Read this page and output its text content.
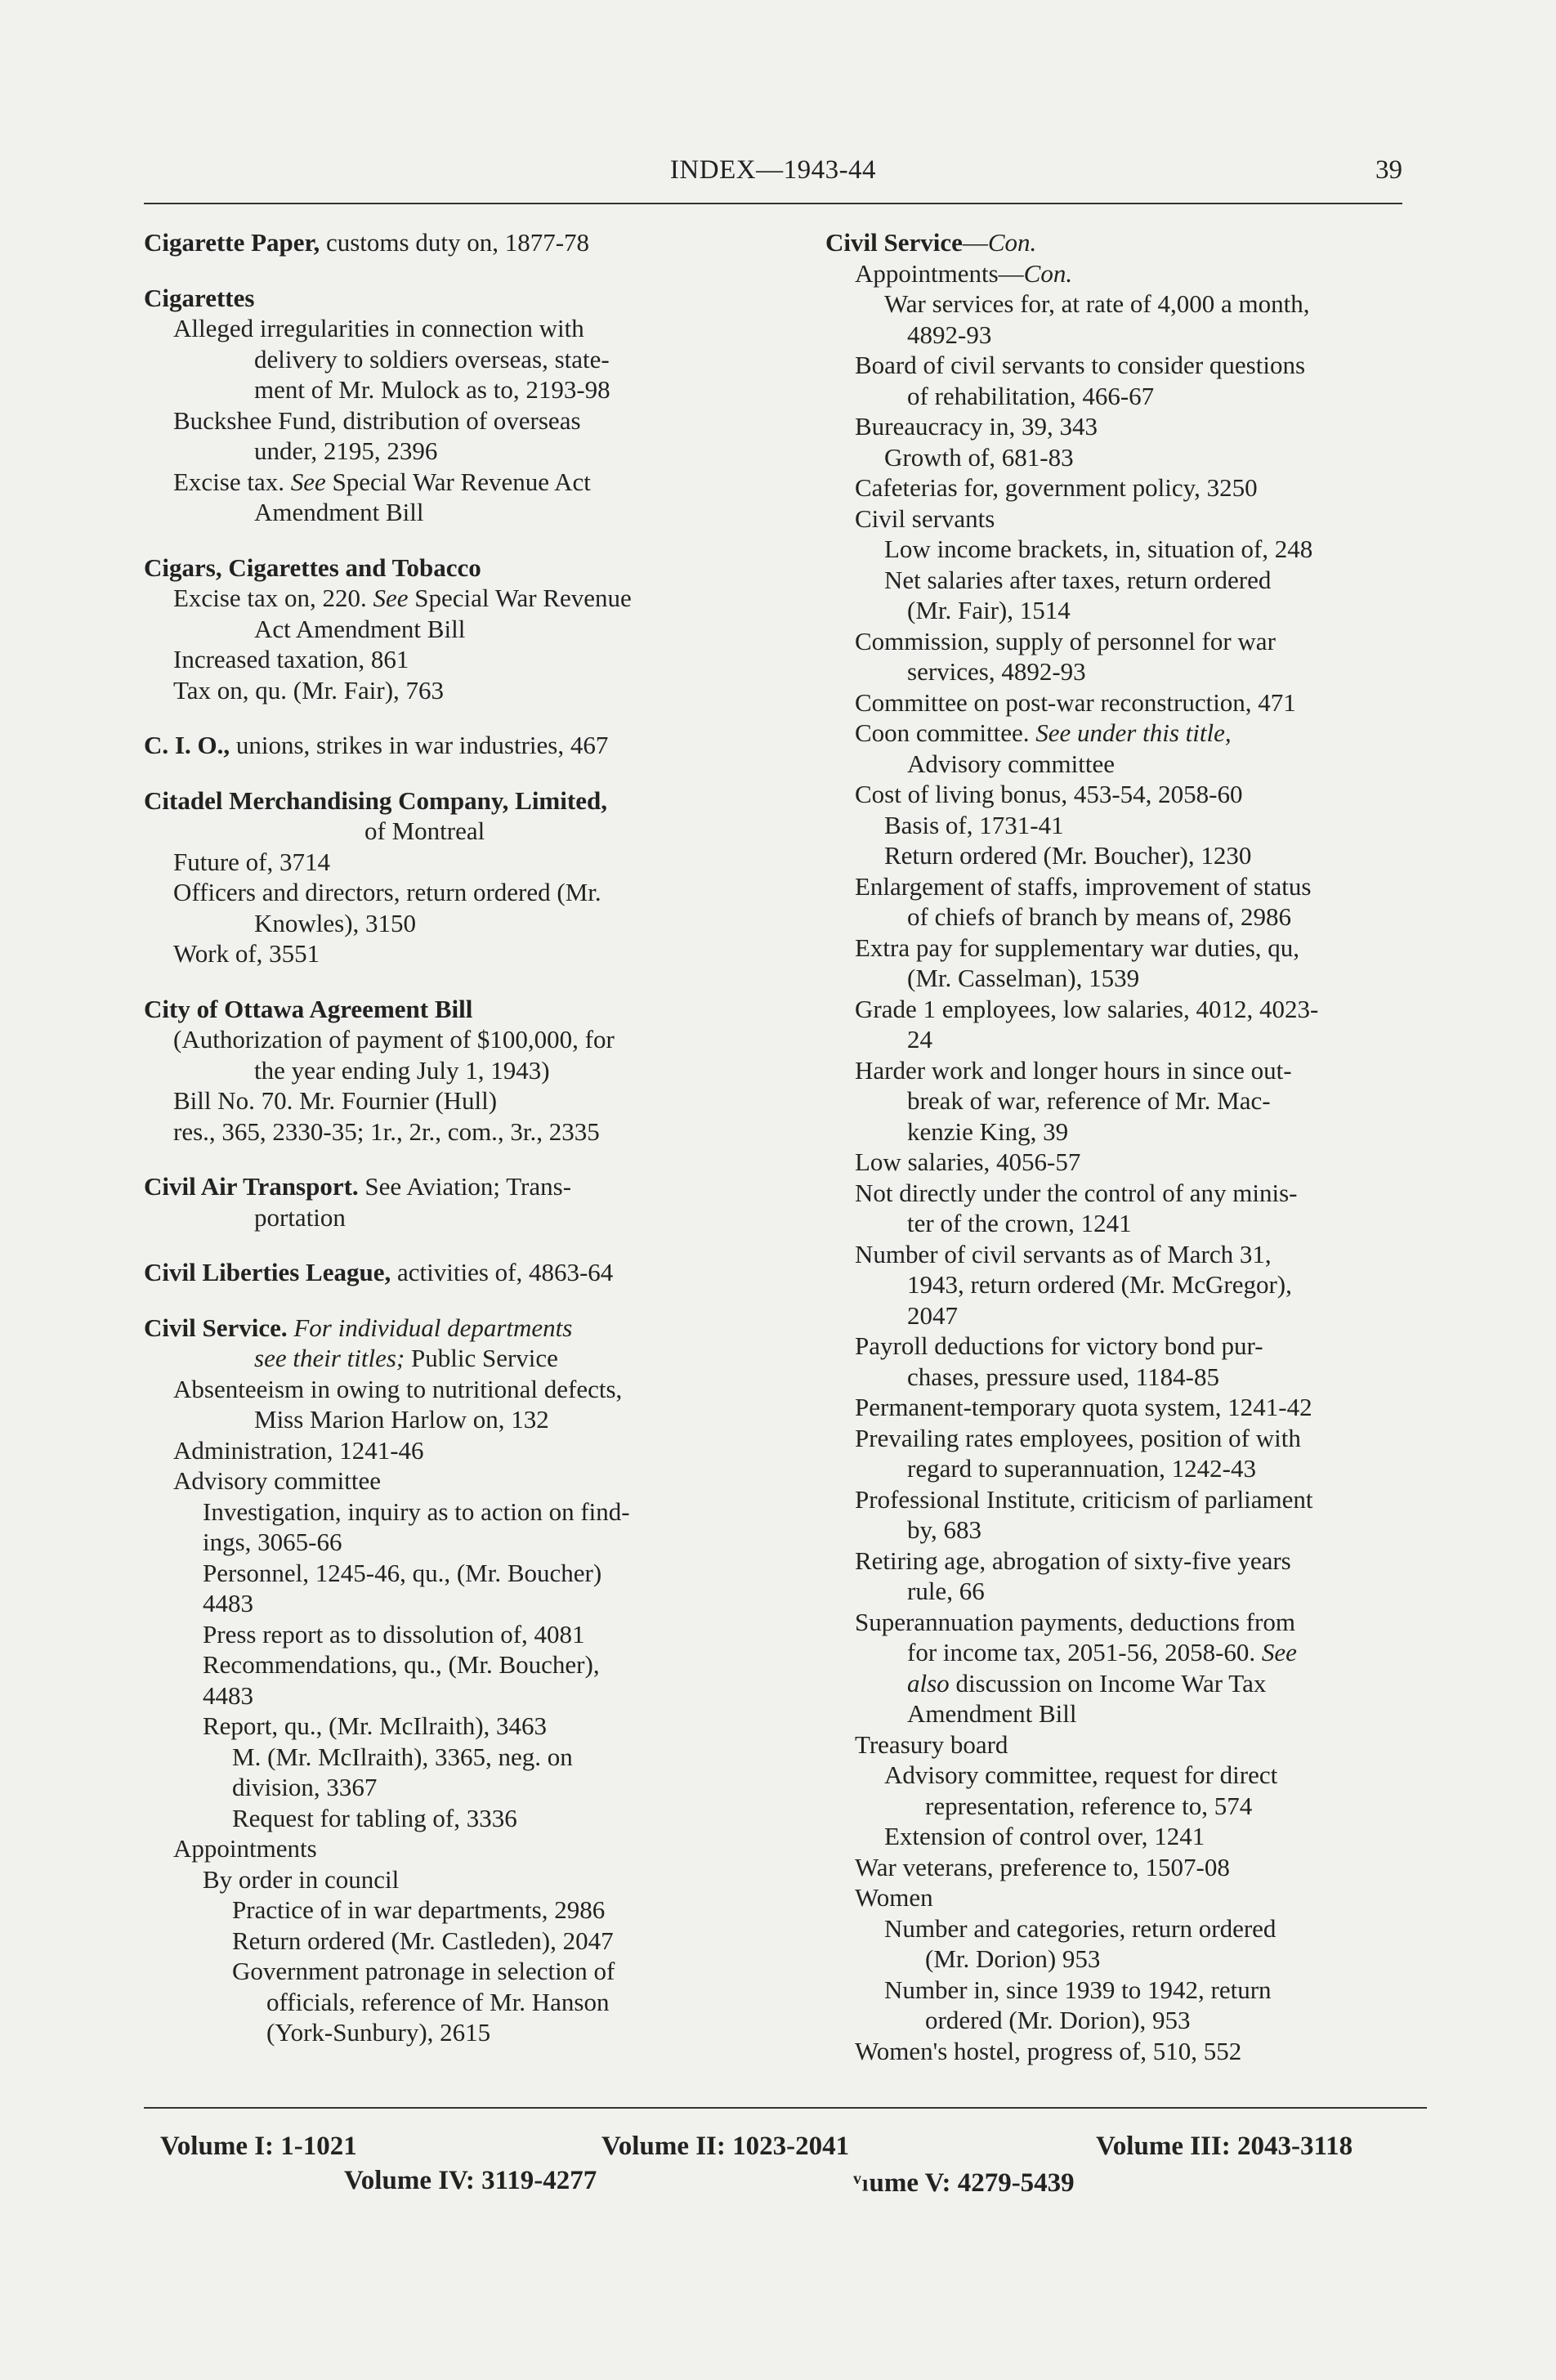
INDEX—1943-44	39
Cigarette Paper, customs duty on, 1877-78
Cigarettes
Alleged irregularities in connection with
delivery to soldiers overseas, state-
ment of Mr. Mulock as to, 2193-98
Buckshee Fund, distribution of overseas
under, 2195, 2396
Excise tax. See Special War Revenue Act
Amendment Bill
Cigars, Cigarettes and Tobacco
Excise tax on, 220. See Special War Revenue
Act Amendment Bill
Increased taxation, 861
Tax on, qu. (Mr. Fair), 763
C. I. O., unions, strikes in war industries, 467
Citadel Merchandising Company, Limited,
of Montreal
Future of, 3714
Officers and directors, return ordered (Mr.
Knowles), 3150
Work of, 3551
City of Ottawa Agreement Bill
(Authorization of payment of $100,000, for
the year ending July 1, 1943)
Bill No. 70. Mr. Fournier (Hull)
res., 365, 2330-35; 1r., 2r., com., 3r., 2335
Civil Air Transport. See Aviation; Trans-
portation
Civil Liberties League, activities of, 4863-64
Civil Service. For individual departments
see their titles; Public Service
Absenteeism in owing to nutritional defects,
Miss Marion Harlow on, 132
Administration, 1241-46
Advisory committee
Investigation, inquiry as to action on find-
ings, 3065-66
Personnel, 1245-46, qu., (Mr. Boucher)
4483
Press report as to dissolution of, 4081
Recommendations, qu., (Mr. Boucher),
4483
Report, qu., (Mr. McIlraith), 3463
M. (Mr. McIlraith), 3365, neg. on
division, 3367
Request for tabling of, 3336
Appointments
By order in council
Practice of in war departments, 2986
Return ordered (Mr. Castleden), 2047
Government patronage in selection of
officials, reference of Mr. Hanson
(York-Sunbury), 2615
Civil Service—Con.
Appointments—Con.
War services for, at rate of 4,000 a month,
4892-93
Board of civil servants to consider questions
of rehabilitation, 466-67
Bureaucracy in, 39, 343
Growth of, 681-83
Cafeterias for, government policy, 3250
Civil servants
Low income brackets, in, situation of, 248
Net salaries after taxes, return ordered
(Mr. Fair), 1514
Commission, supply of personnel for war
services, 4892-93
Committee on post-war reconstruction, 471
Coon committee. See under this title,
Advisory committee
Cost of living bonus, 453-54, 2058-60
Basis of, 1731-41
Return ordered (Mr. Boucher), 1230
Enlargement of staffs, improvement of status
of chiefs of branch by means of, 2986
Extra pay for supplementary war duties, qu,
(Mr. Casselman), 1539
Grade 1 employees, low salaries, 4012, 4023-
24
Harder work and longer hours in since out-
break of war, reference of Mr. Mac-
kenzie King, 39
Low salaries, 4056-57
Not directly under the control of any minis-
ter of the crown, 1241
Number of civil servants as of March 31,
1943, return ordered (Mr. McGregor),
2047
Payroll deductions for victory bond pur-
chases, pressure used, 1184-85
Permanent-temporary quota system, 1241-42
Prevailing rates employees, position of with
regard to superannuation, 1242-43
Professional Institute, criticism of parliament
by, 683
Retiring age, abrogation of sixty-five years
rule, 66
Superannuation payments, deductions from
for income tax, 2051-56, 2058-60. See
also discussion on Income War Tax
Amendment Bill
Treasury board
Advisory committee, request for direct
representation, reference to, 574
Extension of control over, 1241
War veterans, preference to, 1507-08
Women
Number and categories, return ordered
(Mr. Dorion) 953
Number in, since 1939 to 1942, return
ordered (Mr. Dorion), 953
Women's hostel, progress of, 510, 552
Volume I: 1-1021	Volume II: 1023-2041	Volume III: 2043-3118
Volume IV: 3119-4277	ᵛₗume V: 4279-5439
